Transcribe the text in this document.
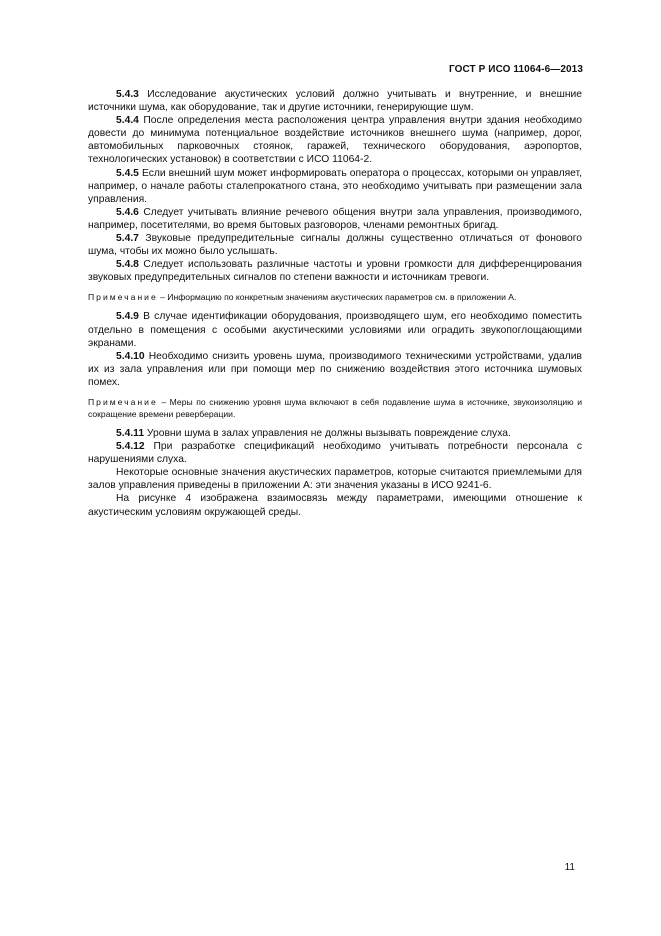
ГОСТ Р ИСО 11064-6—2013

5.4.3 Исследование акустических условий должно учитывать и внутренние, и внешние источники шума, как оборудование, так и другие источники, генерирующие шум.

5.4.4 После определения места расположения центра управления внутри здания необходимо довести до минимума потенциальное воздействие источников внешнего шума (например, дорог, автомобильных парковочных стоянок, гаражей, технического оборудования, аэропортов, технологических установок) в соответствии с ИСО 11064-2.

5.4.5 Если внешний шум может информировать оператора о процессах, которыми он управляет, например, о начале работы сталепрокатного стана, это необходимо учитывать при размещении зала управления.

5.4.6 Следует учитывать влияние речевого общения внутри зала управления, производимого, например, посетителями, во время бытовых разговоров, членами ремонтных бригад.

5.4.7 Звуковые предупредительные сигналы должны существенно отличаться от фонового шума, чтобы их можно было услышать.

5.4.8 Следует использовать различные частоты и уровни громкости для дифференцирования звуковых предупредительных сигналов по степени важности и источникам тревоги.

Примечание – Информацию по конкретным значениям акустических параметров см. в приложении А.

5.4.9 В случае идентификации оборудования, производящего шум, его необходимо поместить отдельно в помещения с особыми акустическими условиями или оградить звукопоглощающими экранами.

5.4.10 Необходимо снизить уровень шума, производимого техническими устройствами, удалив их из зала управления или при помощи мер по снижению воздействия этого источника шумовых помех.

Примечание – Меры по снижению уровня шума включают в себя подавление шума в источнике, звукоизоляцию и сокращение времени реверберации.

5.4.11 Уровни шума в залах управления не должны вызывать повреждение слуха.

5.4.12 При разработке спецификаций необходимо учитывать потребности персонала с нарушениями слуха.

Некоторые основные значения акустических параметров, которые считаются приемлемыми для залов управления приведены в приложении А: эти значения указаны в ИСО 9241-6.

На рисунке 4 изображена взаимосвязь между параметрами, имеющими отношение к акустическим условиям окружающей среды.

11
